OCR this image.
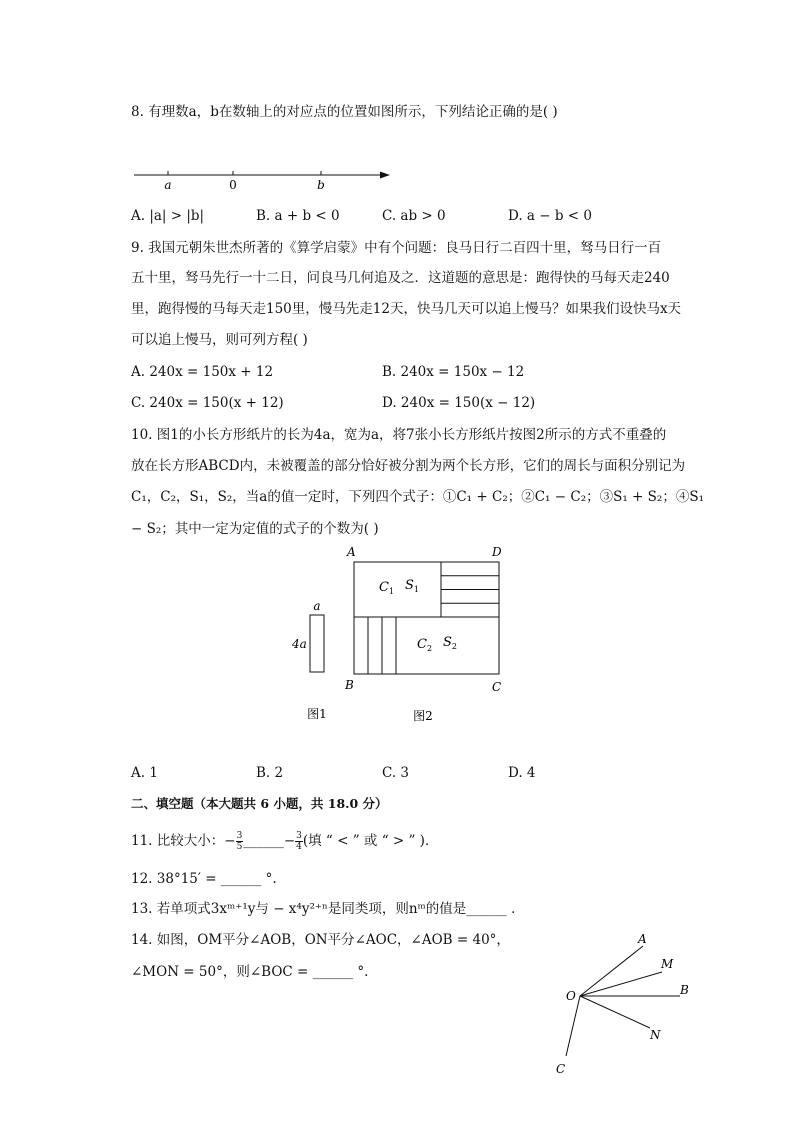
8. 有理数a，b在数轴上的对应点的位置如图所示，下列结论正确的是( )
a	0	b
A. |a| > |b|	B. a + b < 0	C. ab > 0	D. a − b < 0
9. 我国元朝朱世杰所著的《算学启蒙》中有个问题：良马日行二百四十里，驽马日行一百
五十里，驽马先行一十二日，问良马几何追及之．这道题的意思是：跑得快的马每天走240
里，跑得慢的马每天走150里，慢马先走12天，快马几天可以追上慢马？如果我们设快马x天
可以追上慢马，则可列方程( )
A. 240x = 150x + 12	B. 240x = 150x − 12
C. 240x = 150(x + 12)	D. 240x = 150(x − 12)
10. 图1的小长方形纸片的长为4a，宽为a，将7张小长方形纸片按图2所示的方式不重叠的
放在长方形ABCD内，未被覆盖的部分恰好被分割为两个长方形，它们的周长与面积分别记为
C₁，C₂，S₁，S₂，当a的值一定时，下列四个式子：①C₁ + C₂；②C₁ − C₂；③S₁ + S₂；④S₁
− S₂；其中一定为定值的式子的个数为( )
a
4a
A	D
B	C
$C_1$ $S_1$
$C_2$ $S_2$
图1	图2
A. 1	B. 2	C. 3	D. 4
二、填空题（本大题共 6 小题，共 18.0 分）
11. 比较大小：− $\frac{3}{5}$ ______− $\frac{3}{4}$ (填 “ < ” 或 “ > ” )．
12. 38°15′ = ______ °.
13. 若单项式3xᵐ⁺¹y与 − x⁴y²⁺ⁿ是同类项，则nᵐ的值是______ ．
14. 如图，OM平分∠AOB，ON平分∠AOC，∠AOB = 40°，
∠MON = 50°，则∠BOC = ______ °.
A
M
B
N
C
O
